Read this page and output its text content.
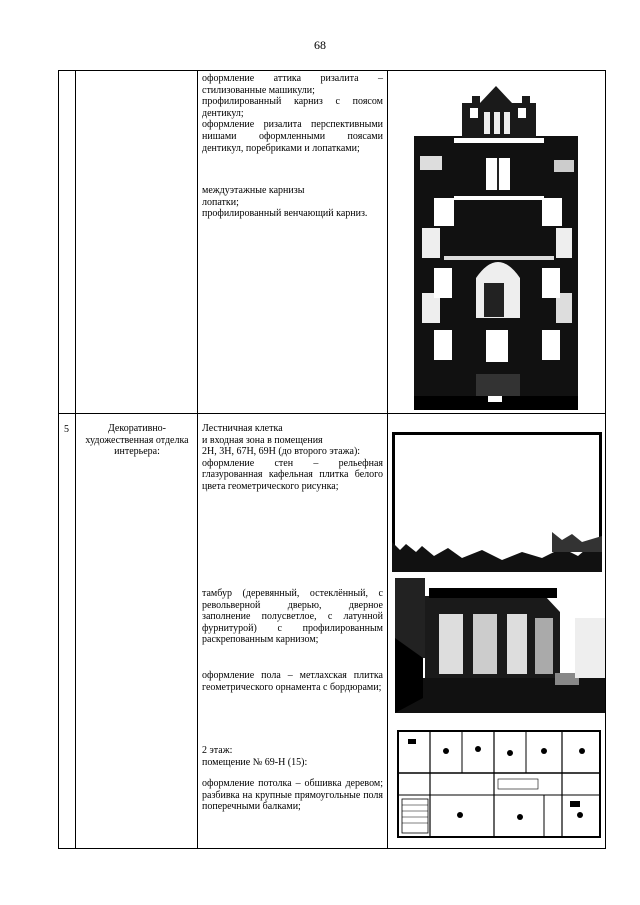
68
оформление аттика ризалита – стилизованные машикули;
профилированный карниз с поясом дентикул;
оформление ризалита перспективными нишами оформленными поясами дентикул, поребриками и лопатками;
междуэтажные карнизы
лопатки;
профилированный венчающий карниз.
5	Декоративно-художественная отделка интерьера:
Лестничная клетка
и входная зона в помещения
2Н, 3Н, 67Н, 69Н (до второго этажа):
оформление стен – рельефная глазурованная кафельная плитка белого цвета геометрического рисунка;
тамбур (деревянный, остеклённый, с револьверной дверью, дверное заполнение полусветлое, с латунной фурнитурой) с профилированным раскрепованным карнизом;
оформление пола – метлахская плитка геометрического орнамента с бордюрами;
2 этаж:
помещение № 69-Н (15):
оформление потолка – обшивка деревом; разбивка на крупные прямоугольные поля поперечными балками;
